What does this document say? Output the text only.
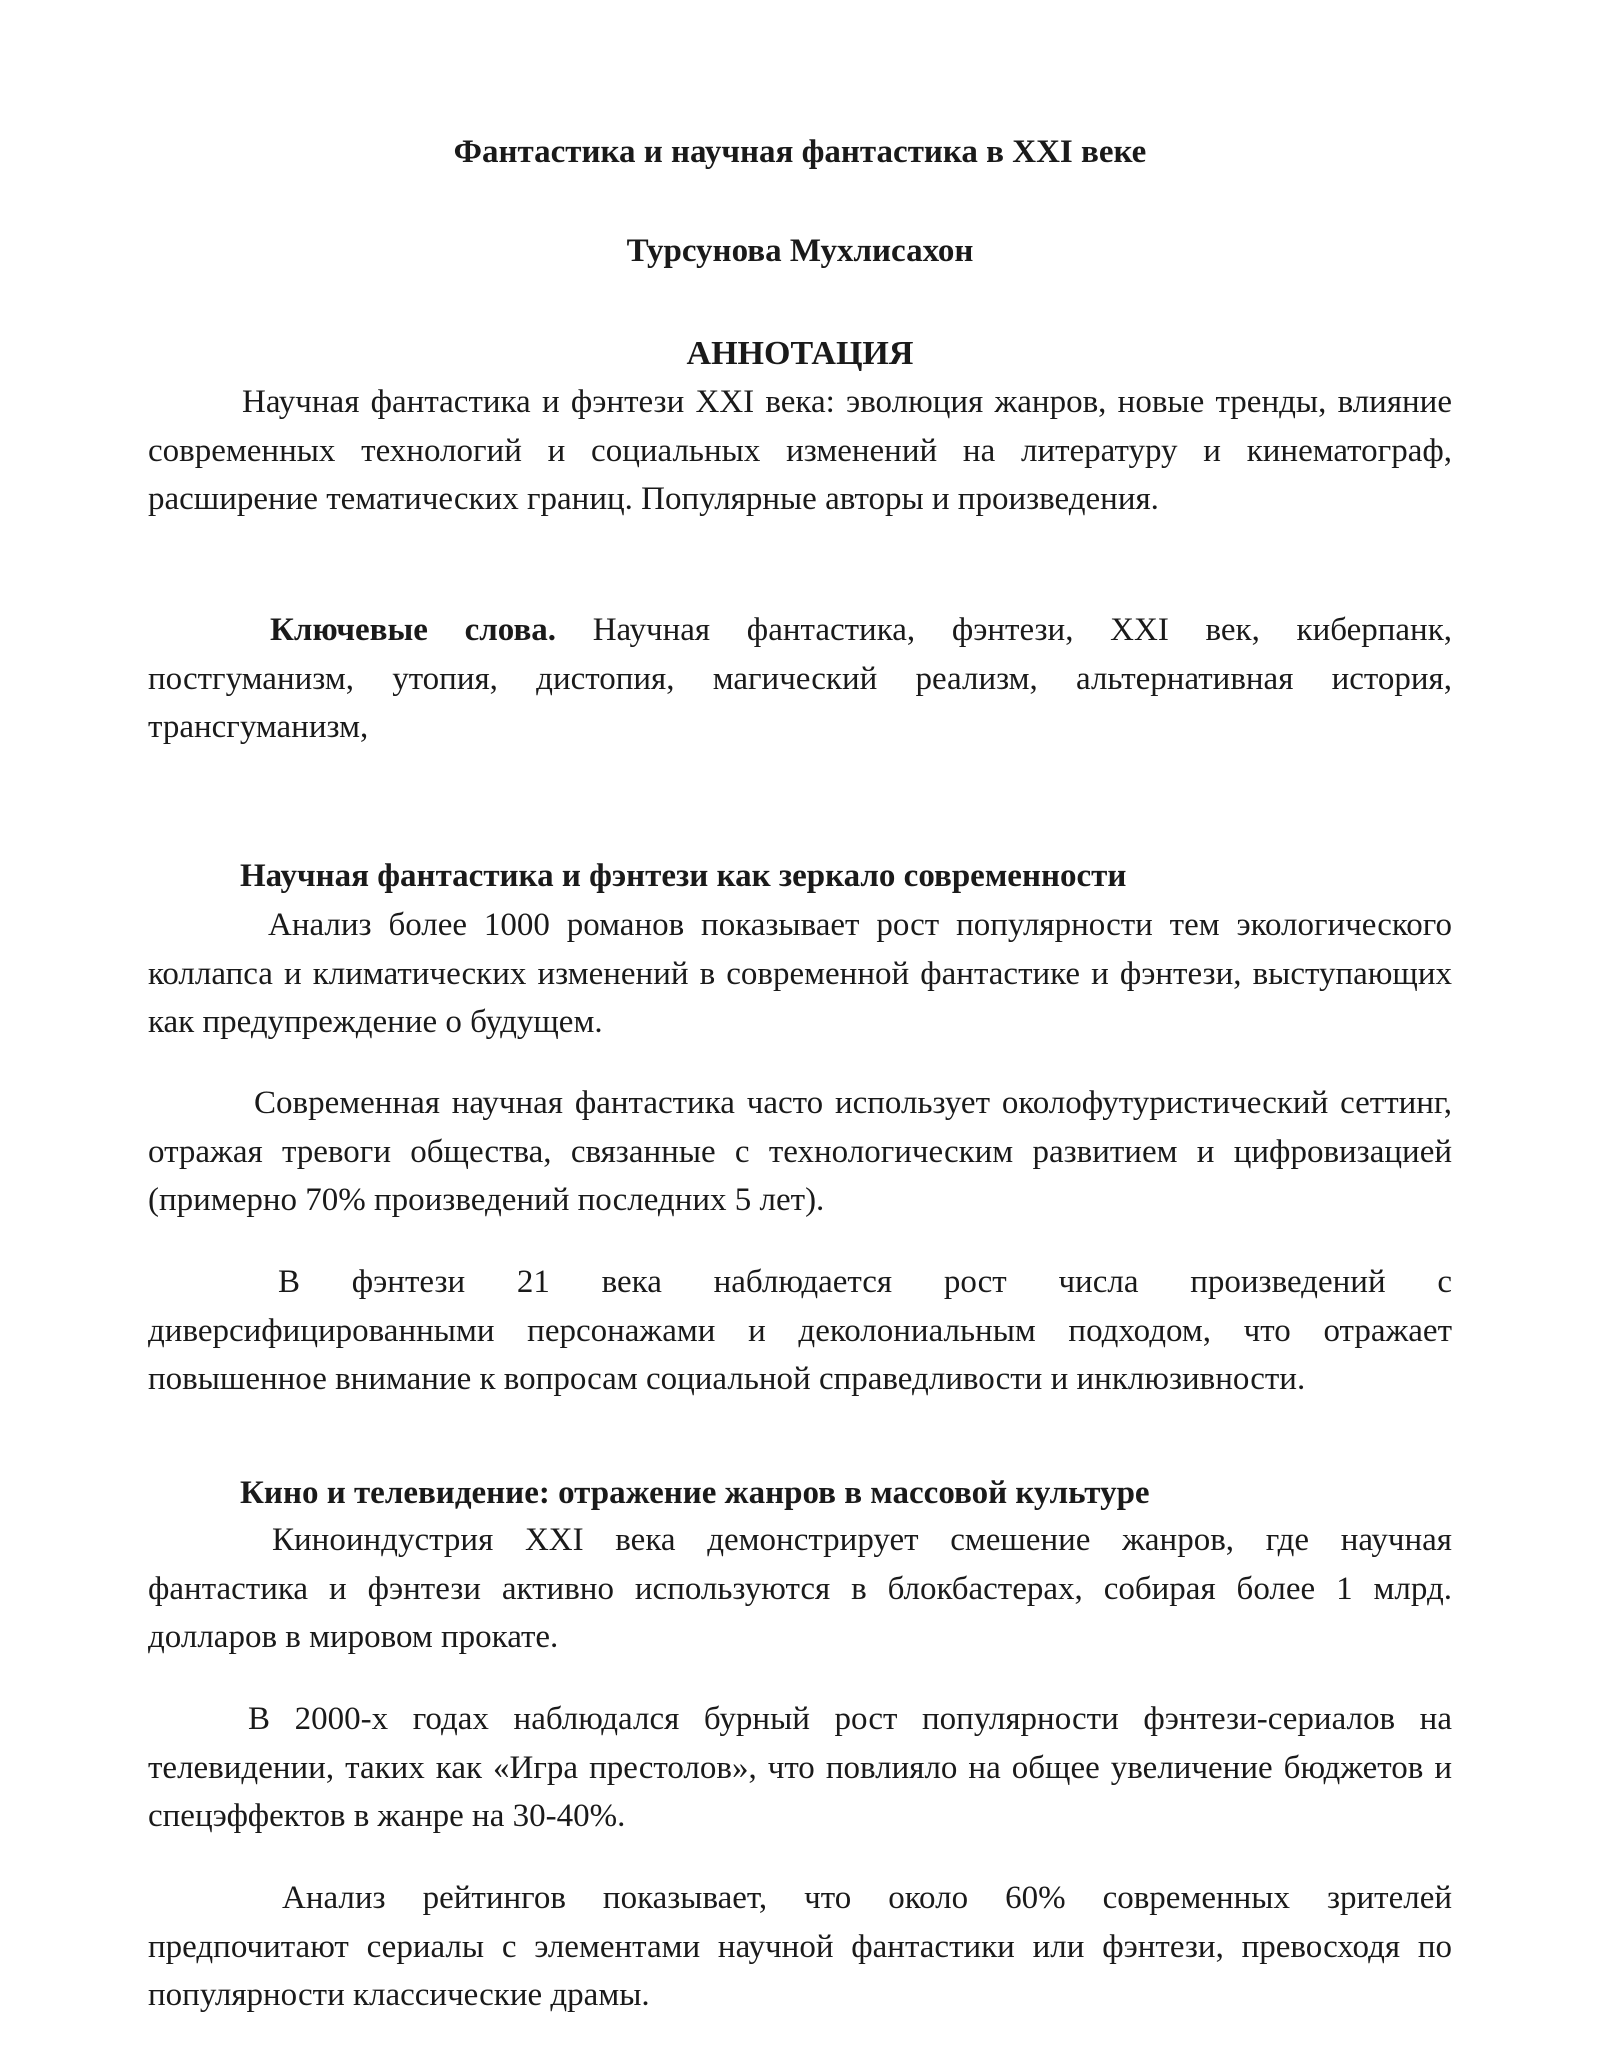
Фантастика и научная фантастика в XXI веке

Турсунова Мухлисахон

АННОТАЦИЯ

Научная фантастика и фэнтези XXI века: эволюция жанров, новые тренды, влияние современных технологий и социальных изменений на литературу и кинематограф, расширение тематических границ. Популярные авторы и произведения.

Ключевые слова. Научная фантастика, фэнтези, XXI век, киберпанк, постгуманизм, утопия, дистопия, магический реализм, альтернативная история, трансгуманизм,

Научная фантастика и фэнтези как зеркало современности

Анализ более 1000 романов показывает рост популярности тем экологического коллапса и климатических изменений в современной фантастике и фэнтези, выступающих как предупреждение о будущем.

Современная научная фантастика часто использует околофутуристический сеттинг, отражая тревоги общества, связанные с технологическим развитием и цифровизацией (примерно 70% произведений последних 5 лет).

В фэнтези 21 века наблюдается рост числа произведений с диверсифицированными персонажами и деколониальным подходом, что отражает повышенное внимание к вопросам социальной справедливости и инклюзивности.

Кино и телевидение: отражение жанров в массовой культуре

Киноиндустрия XXI века демонстрирует смешение жанров, где научная фантастика и фэнтези активно используются в блокбастерах, собирая более 1 млрд. долларов в мировом прокате.

В 2000-х годах наблюдался бурный рост популярности фэнтези-сериалов на телевидении, таких как «Игра престолов», что повлияло на общее увеличение бюджетов и спецэффектов в жанре на 30-40%.

Анализ рейтингов показывает, что около 60% современных зрителей предпочитают сериалы с элементами научной фантастики или фэнтези, превосходя по популярности классические драмы.
